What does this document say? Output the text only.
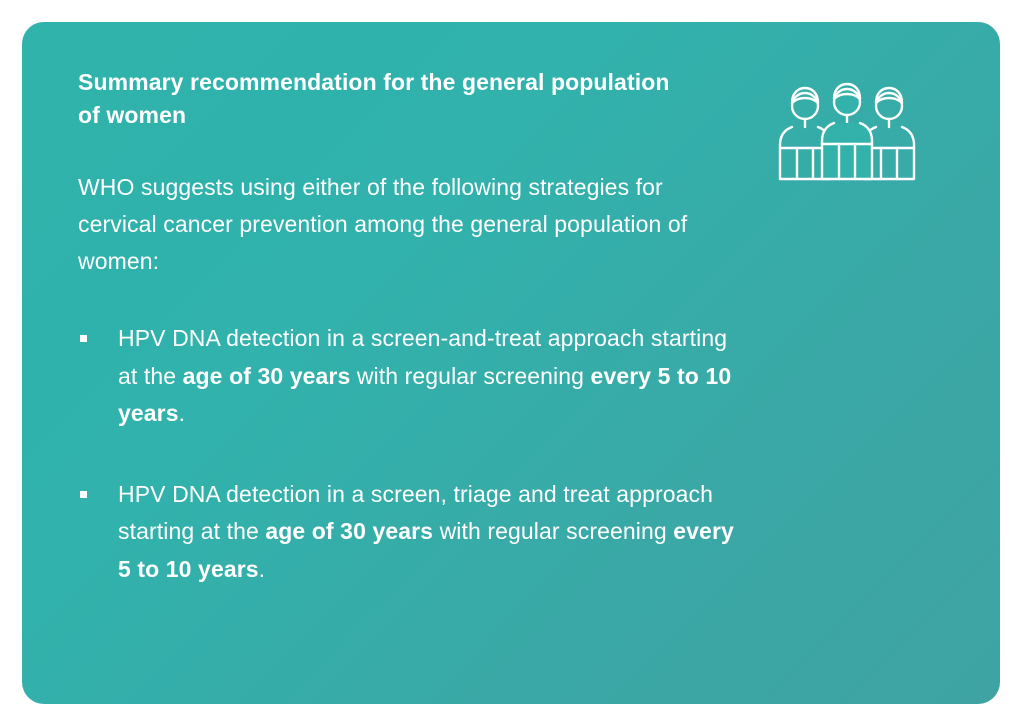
Summary recommendation for the general population of women

WHO suggests using either of the following strategies for cervical cancer prevention among the general population of women:

HPV DNA detection in a screen-and-treat approach starting at the age of 30 years with regular screening every 5 to 10 years.
HPV DNA detection in a screen, triage and treat approach starting at the age of 30 years with regular screening every 5 to 10 years.
